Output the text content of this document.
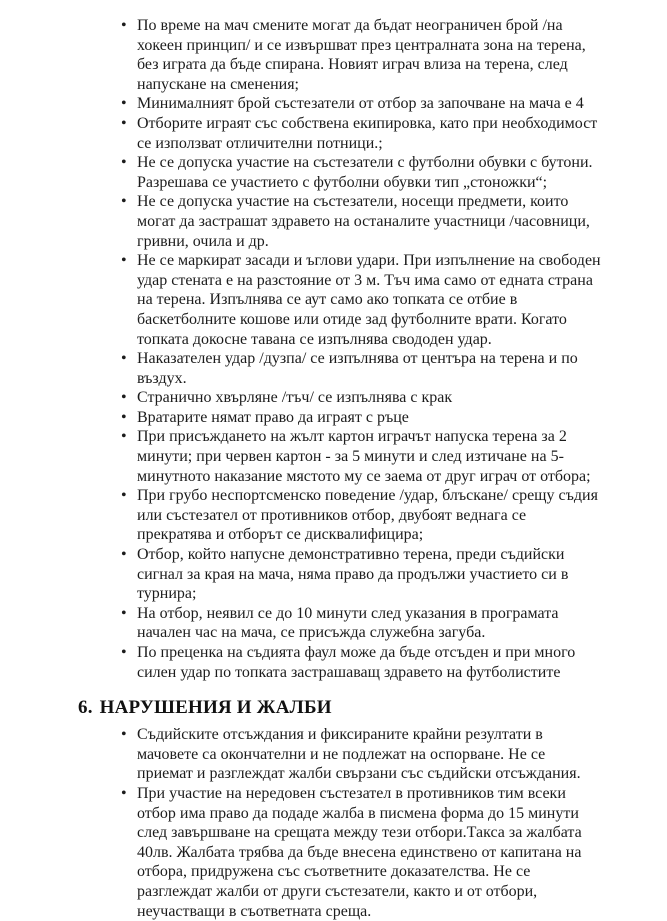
• По време на мач смените могат да бъдат неограничен брой /на хокеен принцип/ и се извършват през централната зона на терена, без играта да бъде спирана. Новият играч влиза на терена, след напускане на сменения;
• Минималният брой състезатели от отбор за започване на мача е 4
• Отборите играят със собствена екипировка, като при необходимост се използват отличителни потници.;
• Не се допуска участие на състезатели с футболни обувки с бутони. Разрешава се участието с футболни обувки тип „стоножки“;
• Не се допуска участие на състезатели, носещи предмети, които могат да застрашат здравето на останалите участници /часовници, гривни, очила и др.
• Не се маркират засади и ъглови удари. При изпълнение на свободен удар стената е на разстояние от 3 м. Тъч има само от едната страна на терена. Изпълнява се аут само ако топката се отбие в баскетболните кошове или отиде зад футболните врати. Когато топката докосне тавана се изпълнява свододен удар.
• Наказателен удар /дузпа/ се изпълнява от центъра на терена и по въздух.
• Странично хвърляне /тъч/ се изпълнява с крак
• Вратарите нямат право да играят с ръце
• При присъждането на жълт картон играчът напуска терена за 2 минути; при червен картон - за 5 минути и след изтичане на 5-минутното наказание мястото му се заема от друг играч от отбора;
• При грубо неспортсменско поведение /удар, блъскане/ срещу съдия или състезател от противников отбор, двубоят веднага се прекратява и отборът се дисквалифицира;
• Отбор, който напусне демонстративно терена, преди съдийски сигнал за края на мача, няма право да продължи участието си в турнира;
• На отбор, неявил се до 10 минути след указания в програмата начален час на мача, се присъжда служебна загуба.
• По преценка на съдията фаул може да бъде отсъден и при много силен удар по топката застрашаващ здравето на футболистите
6. НАРУШЕНИЯ И ЖАЛБИ
• Съдийските отсъждания и фиксираните крайни резултати в мачовете са окончателни и не подлежат на оспорване. Не се приемат и разглеждат жалби свързани със съдийски отсъждания.
• При участие на нередовен състезател в противников тим всеки отбор има право да подаде жалба в писмена форма до 15 минути след завършване на срещата между тези отбори.Такса за жалбата 40лв. Жалбата трябва да бъде внесена единствено от капитана на отбора, придружена със съответните доказателства. Не се разглеждат жалби от други състезатели, както и от отбори, неучастващи в съответната среща.
